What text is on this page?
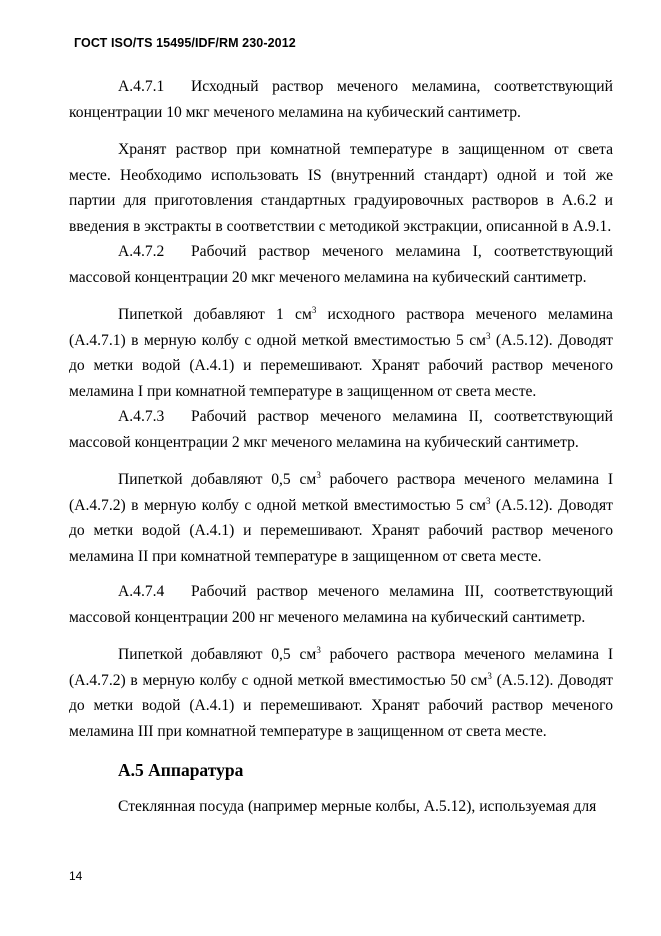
ГОСТ ISO/TS 15495/IDF/RM 230-2012

А.4.7.1 Исходный раствор меченого меламина, соответствующий концентрации 10 мкг меченого меламина на кубический сантиметр.

Хранят раствор при комнатной температуре в защищенном от света месте. Необходимо использовать IS (внутренний стандарт) одной и той же партии для приготовления стандартных градуировочных растворов в А.6.2 и введения в экстракты в соответствии с методикой экстракции, описанной в А.9.1.

А.4.7.2 Рабочий раствор меченого меламина I, соответствующий массовой концентрации 20 мкг меченого меламина на кубический сантиметр.

Пипеткой добавляют 1 $см^3$ исходного раствора меченого меламина (А.4.7.1) в мерную колбу с одной меткой вместимостью 5 $см^3$ (А.5.12). Доводят до метки водой (А.4.1) и перемешивают. Хранят рабочий раствор меченого меламина I при комнатной температуре в защищенном от света месте.

А.4.7.3 Рабочий раствор меченого меламина II, соответствующий массовой концентрации 2 мкг меченого меламина на кубический сантиметр.

Пипеткой добавляют 0,5 $см^3$ рабочего раствора меченого меламина I (А.4.7.2) в мерную колбу с одной меткой вместимостью 5 $см^3$ (А.5.12). Доводят до метки водой (А.4.1) и перемешивают. Хранят рабочий раствор меченого меламина II при комнатной температуре в защищенном от света месте.

А.4.7.4 Рабочий раствор меченого меламина III, соответствующий массовой концентрации 200 нг меченого меламина на кубический сантиметр.

Пипеткой добавляют 0,5 $см^3$ рабочего раствора меченого меламина I (А.4.7.2) в мерную колбу с одной меткой вместимостью 50 $см^3$ (А.5.12). Доводят до метки водой (А.4.1) и перемешивают. Хранят рабочий раствор меченого меламина III при комнатной температуре в защищенном от света месте.

А.5 Аппаратура

Стеклянная посуда (например мерные колбы, А.5.12), используемая для

14
